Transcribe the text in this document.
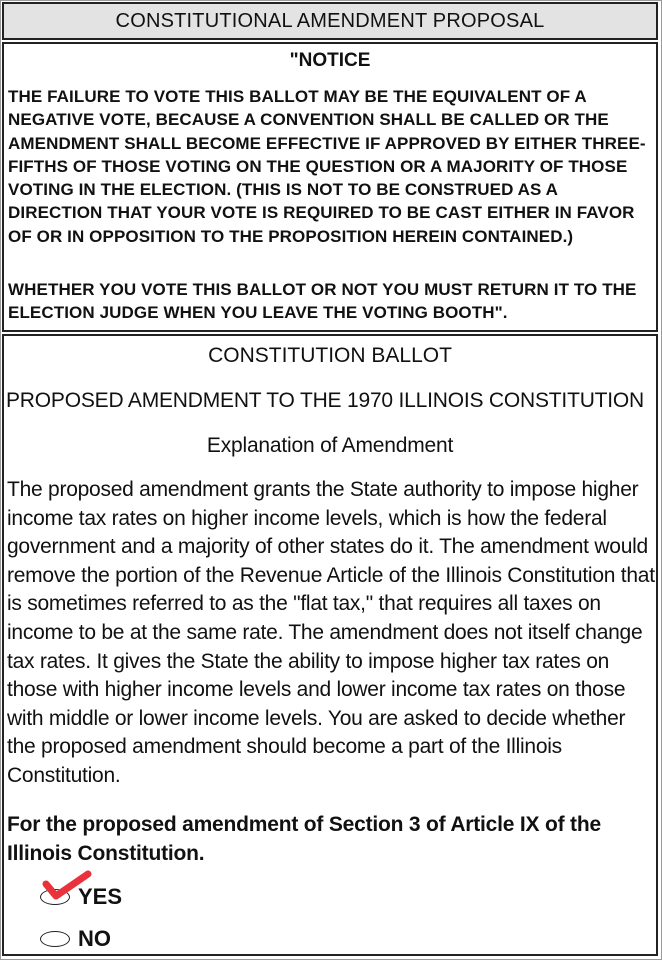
CONSTITUTIONAL AMENDMENT PROPOSAL
"NOTICE

THE FAILURE TO VOTE THIS BALLOT MAY BE THE EQUIVALENT OF A NEGATIVE VOTE, BECAUSE A CONVENTION SHALL BE CALLED OR THE AMENDMENT SHALL BECOME EFFECTIVE IF APPROVED BY EITHER THREE-FIFTHS OF THOSE VOTING ON THE QUESTION OR A MAJORITY OF THOSE VOTING IN THE ELECTION. (THIS IS NOT TO BE CONSTRUED AS A DIRECTION THAT YOUR VOTE IS REQUIRED TO BE CAST EITHER IN FAVOR OF OR IN OPPOSITION TO THE PROPOSITION HEREIN CONTAINED.)

WHETHER YOU VOTE THIS BALLOT OR NOT YOU MUST RETURN IT TO THE ELECTION JUDGE WHEN YOU LEAVE THE VOTING BOOTH".

CONSTITUTION BALLOT
PROPOSED AMENDMENT TO THE 1970 ILLINOIS CONSTITUTION
Explanation of Amendment

The proposed amendment grants the State authority to impose higher income tax rates on higher income levels, which is how the federal government and a majority of other states do it. The amendment would remove the portion of the Revenue Article of the Illinois Constitution that is sometimes referred to as the "flat tax," that requires all taxes on income to be at the same rate. The amendment does not itself change tax rates. It gives the State the ability to impose higher tax rates on those with higher income levels and lower income tax rates on those with middle or lower income levels. You are asked to decide whether the proposed amendment should become a part of the Illinois Constitution.

For the proposed amendment of Section 3 of Article IX of the Illinois Constitution.

YES
NO
